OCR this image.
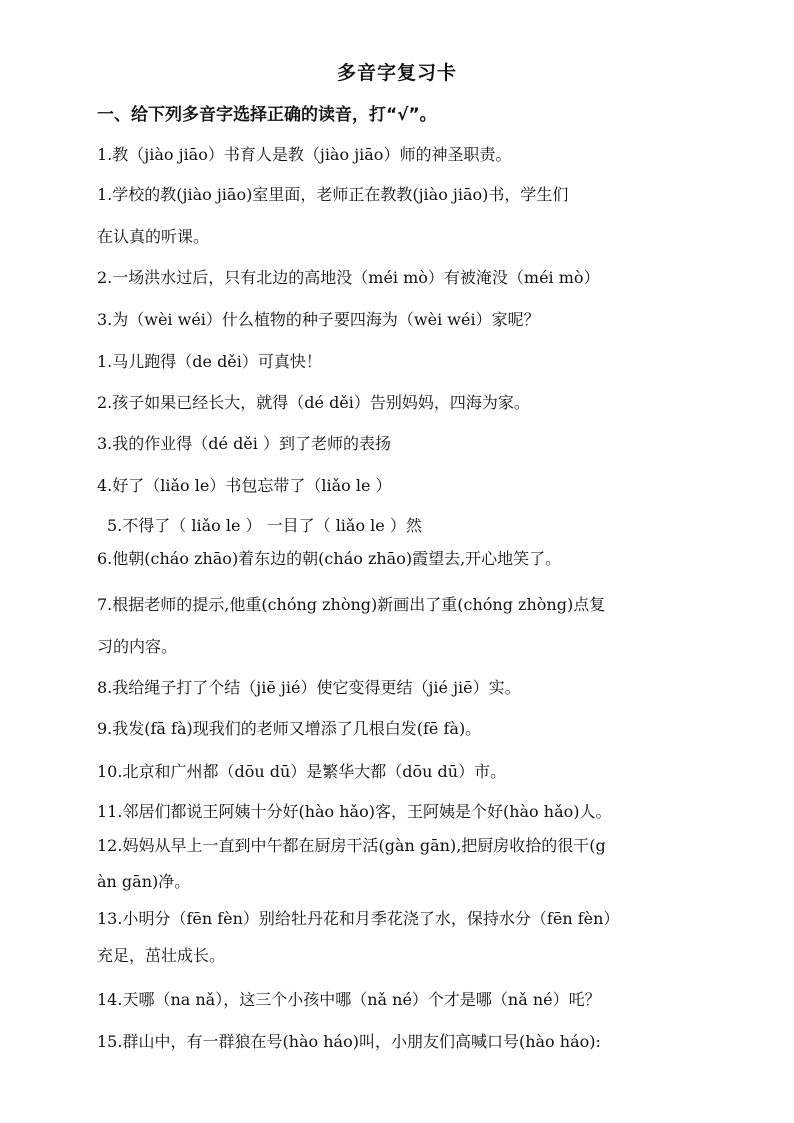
多音字复习卡
一、给下列多音字选择正确的读音，打“√”。
1.教（jiào jiāo）书育人是教（jiào jiāo）师的神圣职责。
1.学校的教(jiào jiāo)室里面，老师正在教教(jiào jiāo)书，学生们
在认真的听课。
2.一场洪水过后，只有北边的高地没（méi mò）有被淹没（méi mò）
3.为（wèi wéi）什么植物的种子要四海为（wèi wéi）家呢？
1.马儿跑得（de děi）可真快！
2.孩子如果已经长大，就得（dé děi）告别妈妈，四海为家。
3.我的作业得（dé děi ）到了老师的表扬
4.好了（liǎo le）书包忘带了（liǎo le ）
5.不得了（ liǎo le ） 一目了（ liǎo le ）然
6.他朝(cháo zhāo)着东边的朝(cháo zhāo)霞望去,开心地笑了。
7.根据老师的提示,他重(chóng zhòng)新画出了重(chóng zhòng)点复
习的内容。
8.我给绳子打了个结（jiē jié）使它变得更结（jié jiē）实。
9.我发(fā fà)现我们的老师又增添了几根白发(fē fà)。
10.北京和广州都（dōu dū）是繁华大都（dōu dū）市。
11.邻居们都说王阿姨十分好(hào hǎo)客，王阿姨是个好(hào hǎo)人。
12.妈妈从早上一直到中午都在厨房干活(gàn gān),把厨房收拾的很干(g
àn gān)净。
13.小明分（fēn fèn）别给牡丹花和月季花浇了水，保持水分（fēn fèn）
充足，茁壮成长。
14.天哪（na nǎ），这三个小孩中哪（nǎ né）个才是哪（nǎ né）吒？
15.群山中，有一群狼在号(hào háo)叫，小朋友们高喊口号(hào háo):
